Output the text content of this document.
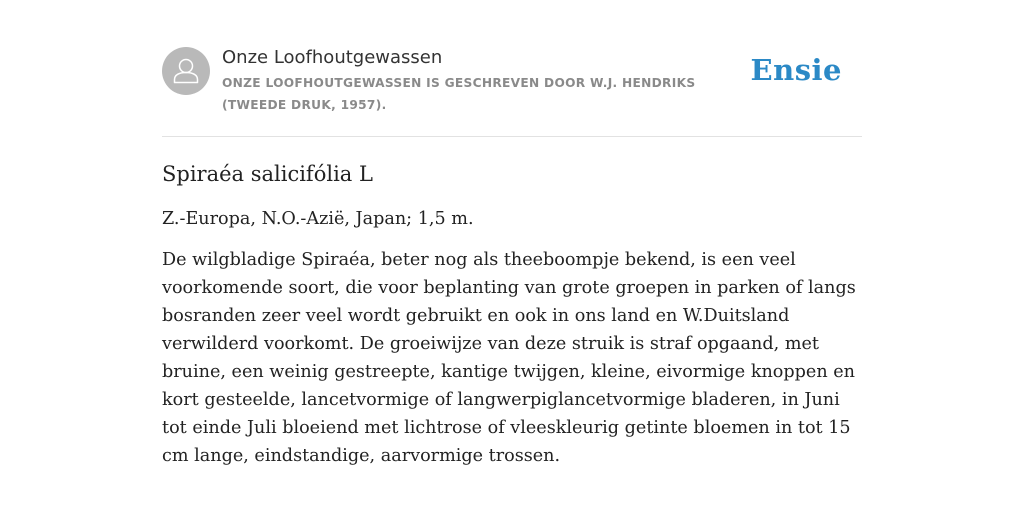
Onze Loofhoutgewassen
ONZE LOOFHOUTGEWASSEN IS GESCHREVEN DOOR W.J. HENDRIKS (TWEEDE DRUK, 1957).
Ensie
Spiraéa salicifólia L

Z.-Europa, N.O.-Azië, Japan; 1,5 m.

De wilgbladige Spiraéa, beter nog als theeboompje bekend, is een veel voorkomende soort, die voor beplanting van grote groepen in parken of langs bosranden zeer veel wordt gebruikt en ook in ons land en W.Duitsland verwilderd voorkomt. De groeiwijze van deze struik is straf opgaand, met bruine, een weinig gestreepte, kantige twijgen, kleine, eivormige knoppen en kort gesteelde, lancetvormige of langwerpiglancetvormige bladeren, in Juni tot einde Juli bloeiend met lichtrose of vleeskleurig getinte bloemen in tot 15 cm lange, eindstandige, aarvormige trossen.
